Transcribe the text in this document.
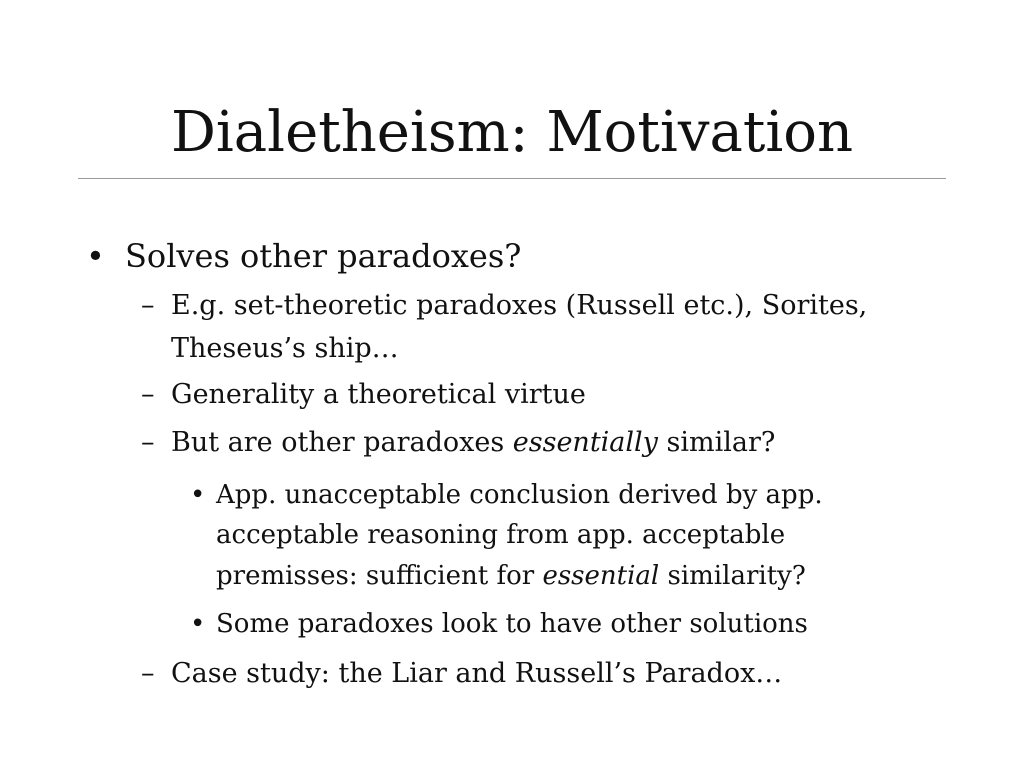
Dialetheism: Motivation
• Solves other paradoxes?
– E.g. set-theoretic paradoxes (Russell etc.), Sorites,
Theseus’s ship…
– Generality a theoretical virtue
– But are other paradoxes essentially similar?
• App. unacceptable conclusion derived by app.
acceptable reasoning from app. acceptable
premisses: sufficient for essential similarity?
• Some paradoxes look to have other solutions
– Case study: the Liar and Russell’s Paradox…
